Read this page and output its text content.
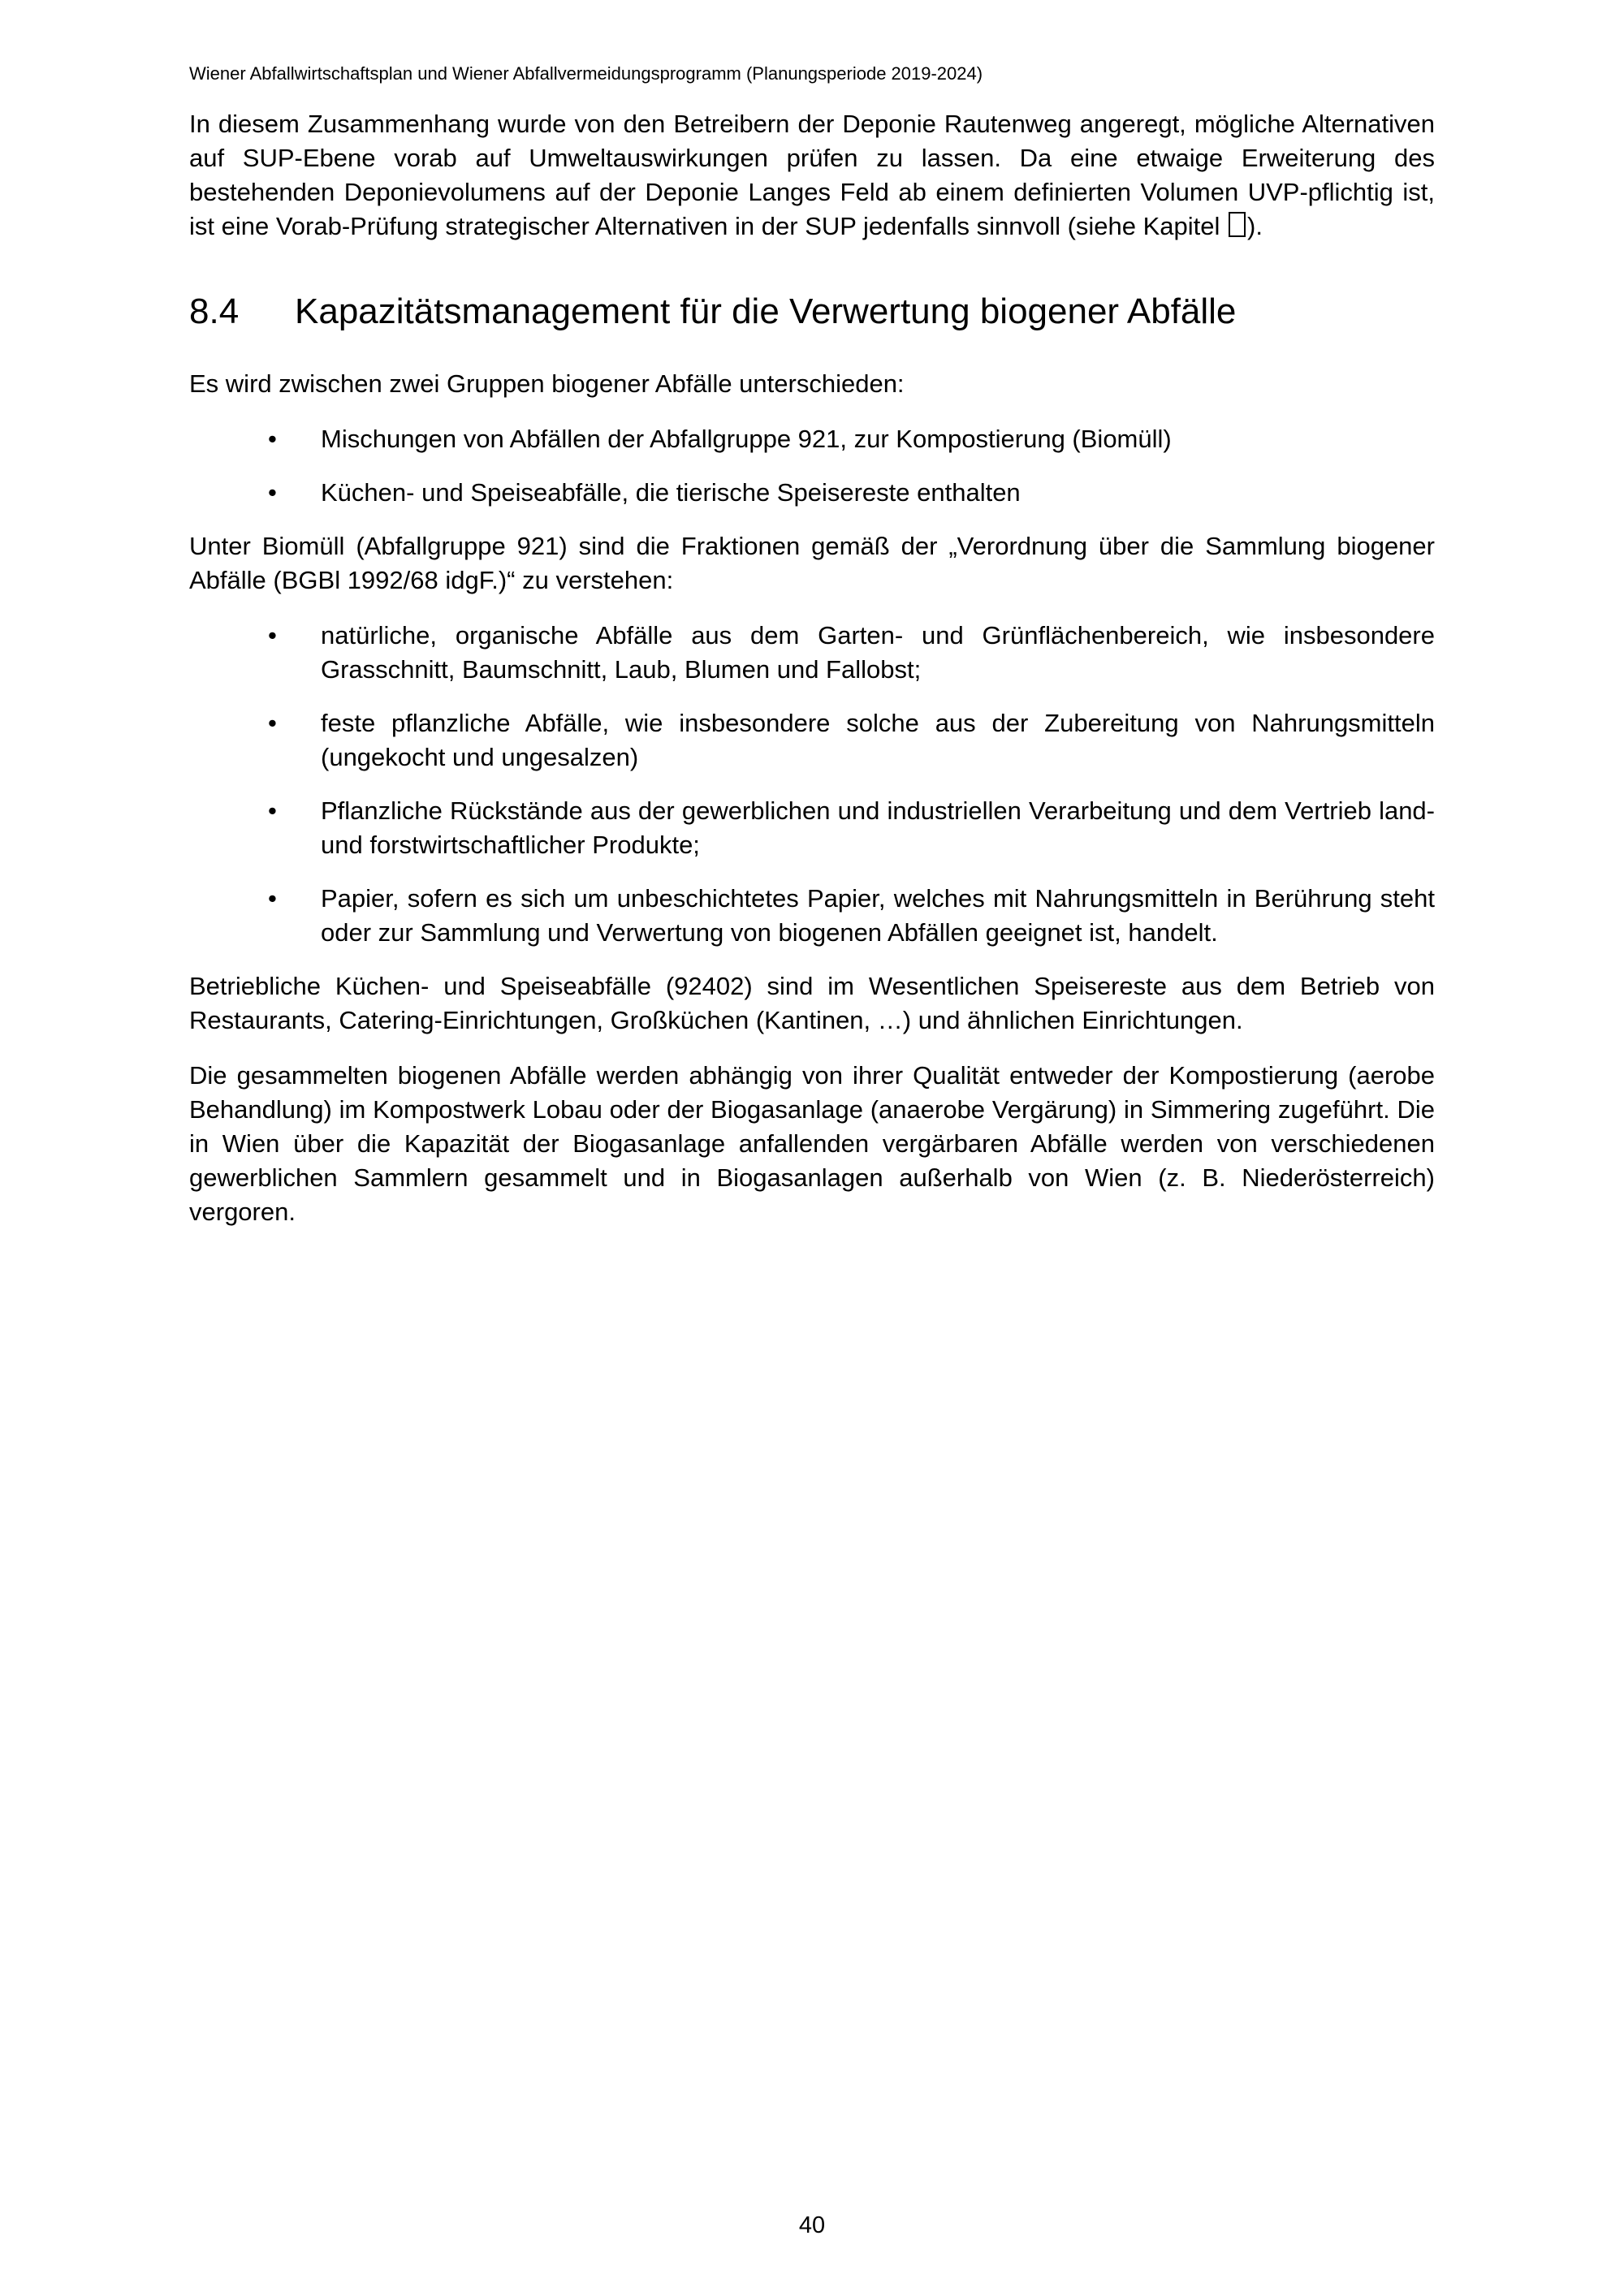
Wiener Abfallwirtschaftsplan und Wiener Abfallvermeidungsprogramm (Planungsperiode 2019-2024)

In diesem Zusammenhang wurde von den Betreibern der Deponie Rautenweg angeregt, mögliche Alternativen auf SUP-Ebene vorab auf Umweltauswirkungen prüfen zu lassen. Da eine etwaige Erweiterung des bestehenden Deponievolumens auf der Deponie Langes Feld ab einem definierten Volumen UVP-pflichtig ist, ist eine Vorab-Prüfung strategischer Alternativen in der SUP jedenfalls sinnvoll (siehe Kapitel ).

8.4	Kapazitätsmanagement für die Verwertung biogener Abfälle

Es wird zwischen zwei Gruppen biogener Abfälle unterschieden:

• Mischungen von Abfällen der Abfallgruppe 921, zur Kompostierung (Biomüll)
• Küchen- und Speiseabfälle, die tierische Speisereste enthalten

Unter Biomüll (Abfallgruppe 921) sind die Fraktionen gemäß der „Verordnung über die Sammlung biogener Abfälle (BGBl 1992/68 idgF.)“ zu verstehen:

• natürliche, organische Abfälle aus dem Garten- und Grünflächenbereich, wie insbesondere Grasschnitt, Baumschnitt, Laub, Blumen und Fallobst;
• feste pflanzliche Abfälle, wie insbesondere solche aus der Zubereitung von Nahrungsmitteln (ungekocht und ungesalzen)
• Pflanzliche Rückstände aus der gewerblichen und industriellen Verarbeitung und dem Vertrieb land- und forstwirtschaftlicher Produkte;
• Papier, sofern es sich um unbeschichtetes Papier, welches mit Nahrungsmitteln in Berührung steht oder zur Sammlung und Verwertung von biogenen Abfällen geeignet ist, handelt.

Betriebliche Küchen- und Speiseabfälle (92402) sind im Wesentlichen Speisereste aus dem Betrieb von Restaurants, Catering-Einrichtungen, Großküchen (Kantinen, …) und ähnlichen Einrichtungen.

Die gesammelten biogenen Abfälle werden abhängig von ihrer Qualität entweder der Kompostierung (aerobe Behandlung) im Kompostwerk Lobau oder der Biogasanlage (anaerobe Vergärung) in Simmering zugeführt. Die in Wien über die Kapazität der Biogasanlage anfallenden vergärbaren Abfälle werden von verschiedenen gewerblichen Sammlern gesammelt und in Biogasanlagen außerhalb von Wien (z. B. Niederösterreich) vergoren.

40
